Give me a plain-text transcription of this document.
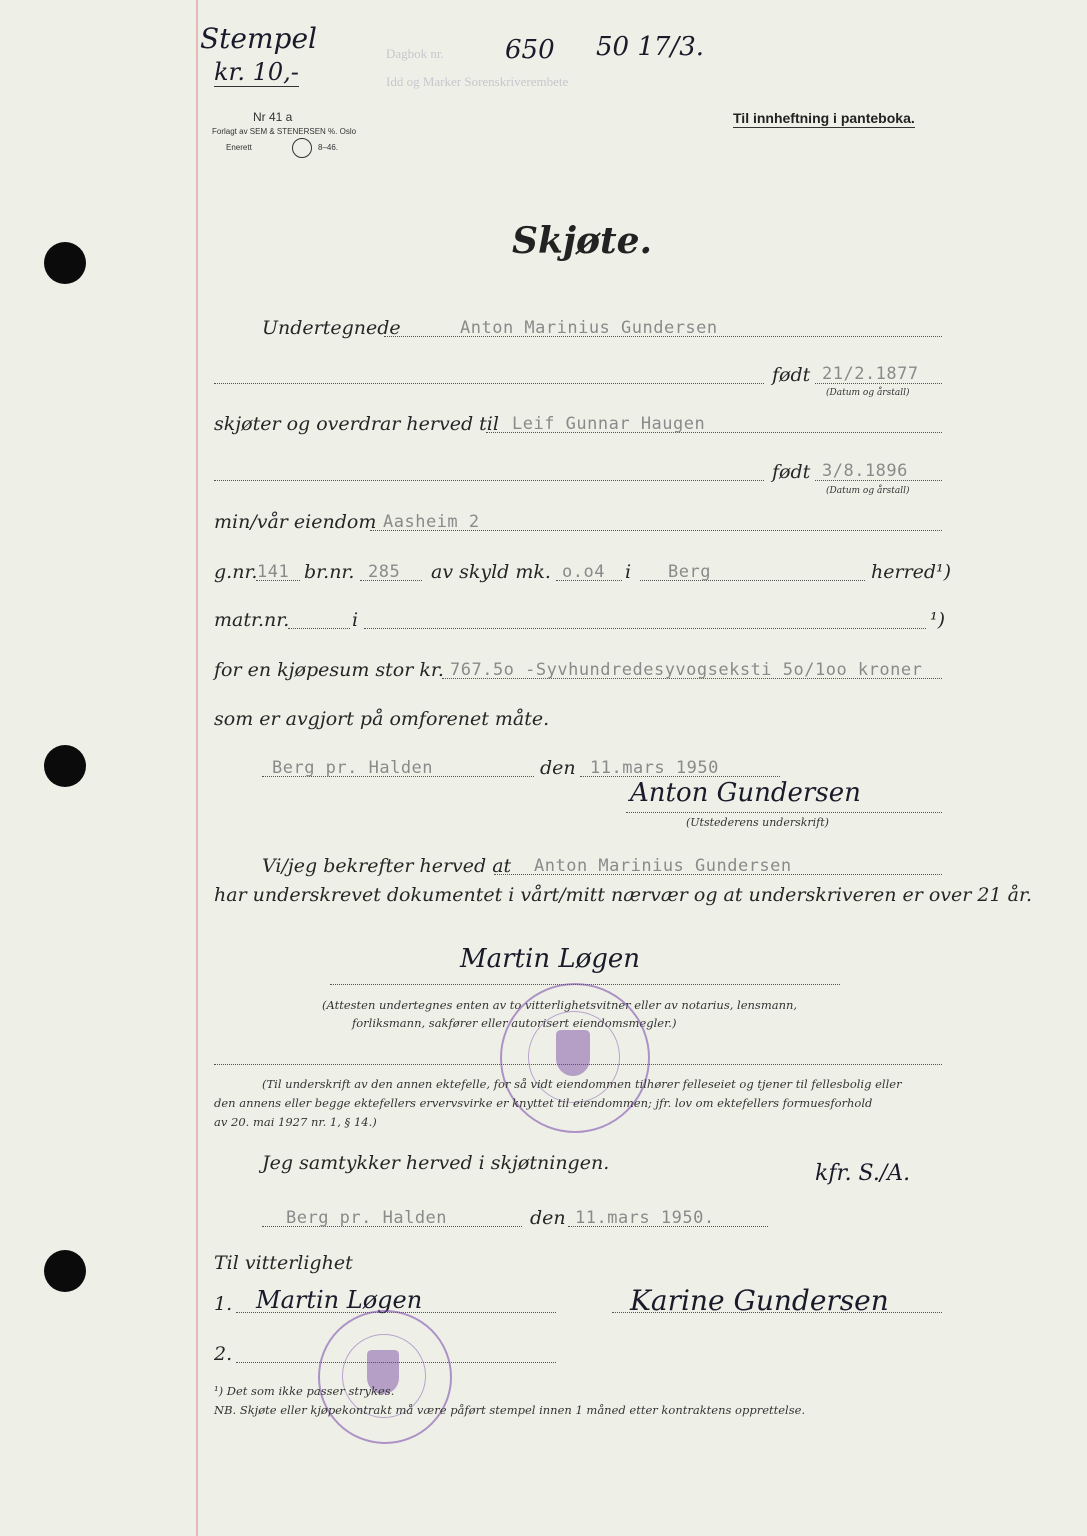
Stempel
kr. 10,-
Nr 41 a
Forlagt av SEM & STENERSEN %. Oslo
Enerett	8–46.
Dagbok nr. 650 50 17/3.
Idd og Marker Sorenskriverembete
Til innheftning i panteboka.
Skjøte.
Undertegnede	Anton Marinius Gundersen
født 21/2.1877
(Datum og årstall)
skjøter og overdrar herved til Leif Gunnar Haugen
født 3/8.1896
(Datum og årstall)
min/vår eiendom Aasheim 2
g.nr. 141 br.nr. 285 av skyld mk. o.o4 i Berg	herred¹)
matr.nr.	i	¹)
for en kjøpesum stor kr. 767.5o -Syvhundredesyvogseksti 5o/1oo kroner
som er avgjort på omforenet måte.
Berg pr. Halden	den 11.mars 1950
Anton Gundersen
(Utstederens underskrift)
Vi/jeg bekrefter herved at Anton Marinius Gundersen
har underskrevet dokumentet i vårt/mitt nærvær og at underskriveren er over 21 år.
Martin Løgen
(Attesten undertegnes enten av to vitterlighetsvitner eller av notarius, lensmann,
forliksmann, sakfører eller autorisert eiendomsmegler.)
(Til underskrift av den annen ektefelle, for så vidt eiendommen tilhører felleseiet og tjener til fellesbolig eller
den annens eller begge ektefellers ervervsvirke er knyttet til eiendommen; jfr. lov om ektefellers formuesforhold
av 20. mai 1927 nr. 1, § 14.)
Jeg samtykker herved i skjøtningen.	kfr. S./A.
Berg pr. Halden	den 11.mars 1950.
Til vitterlighet
1. Martin Løgen	Karine Gundersen
2.
¹) Det som ikke passer strykes.
NB. Skjøte eller kjøpekontrakt må være påført stempel innen 1 måned etter kontraktens opprettelse.
